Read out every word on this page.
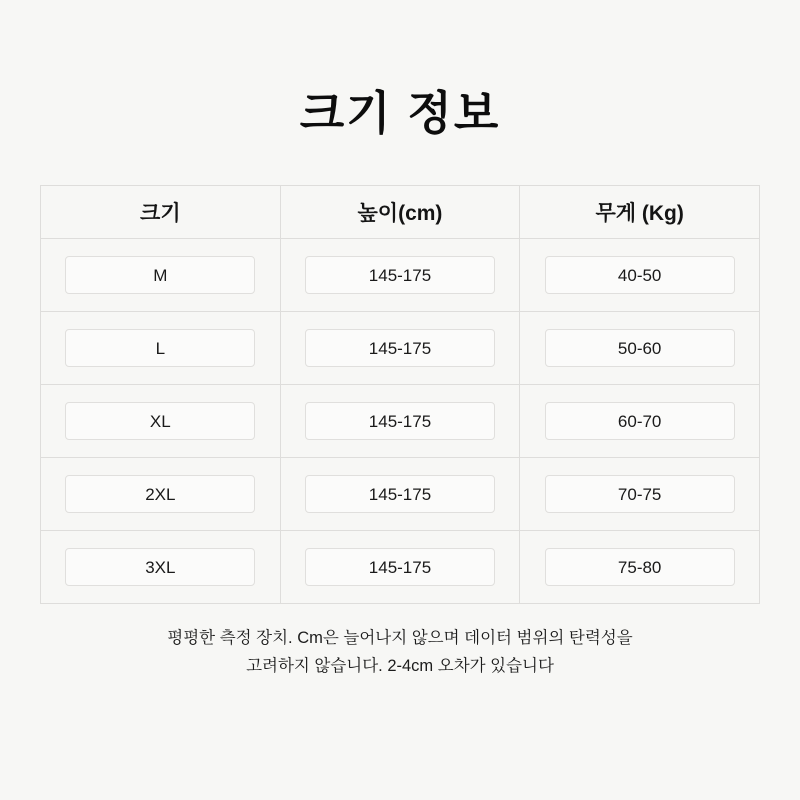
크기 정보
크기	높이(cm)	무게 (Kg)
M	145-175	40-50
L	145-175	50-60
XL	145-175	60-70
2XL	145-175	70-75
3XL	145-175	75-80
평평한 측정 장치. Cm은 늘어나지 않으며 데이터 범위의 탄력성을
고려하지 않습니다. 2-4cm 오차가 있습니다
